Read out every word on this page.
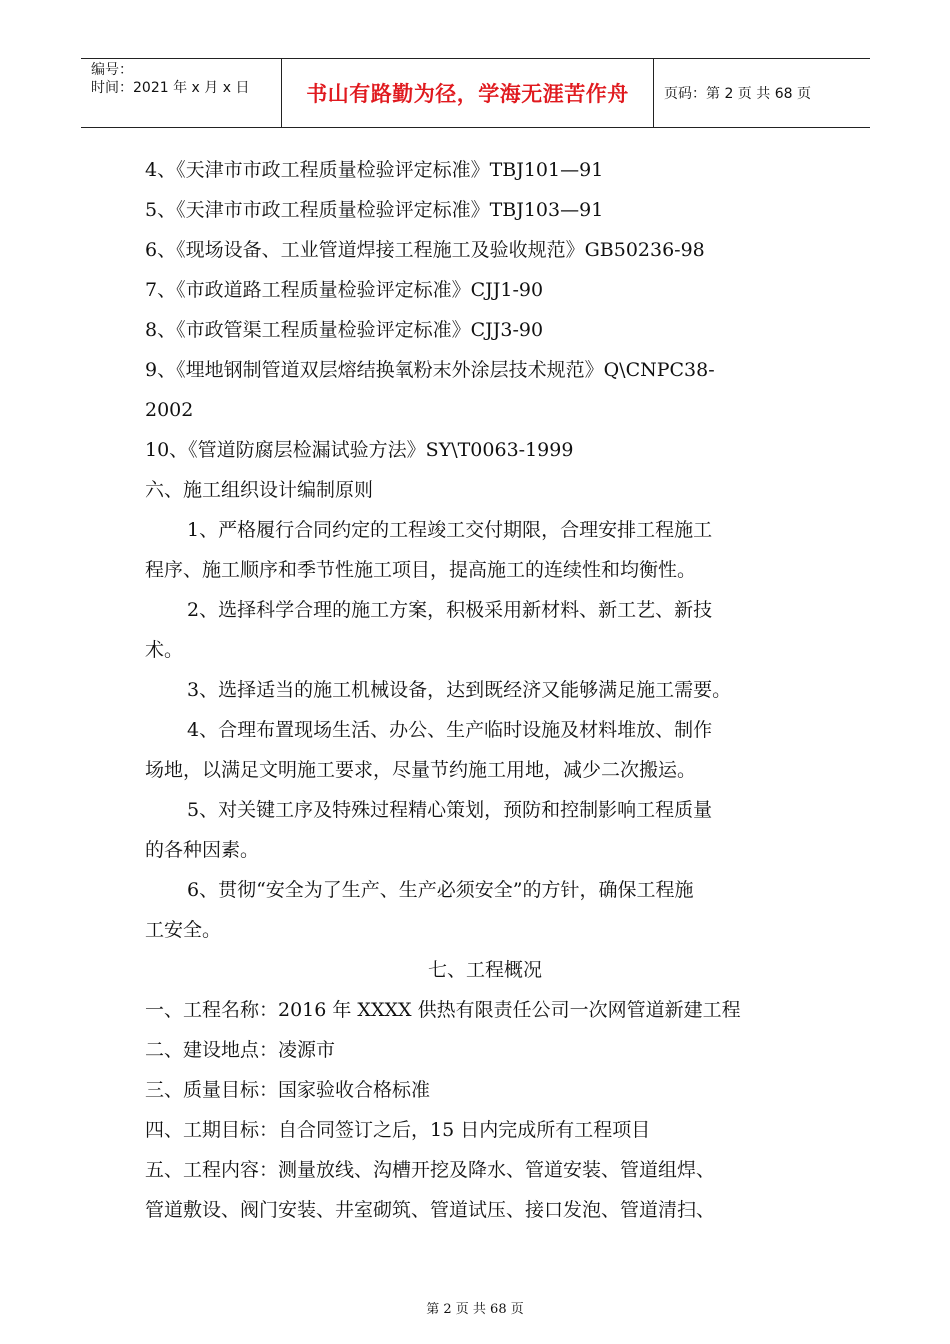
编号：
时间：2021 年 x 月 x 日	书山有路勤为径，学海无涯苦作舟	页码：第 2 页 共 68 页
4、《天津市市政工程质量检验评定标准》TBJ101—91
5、《天津市市政工程质量检验评定标准》TBJ103—91
6、《现场设备、工业管道焊接工程施工及验收规范》GB50236-98
7、《市政道路工程质量检验评定标准》CJJ1-90
8、《市政管渠工程质量检验评定标准》CJJ3-90
9、《埋地钢制管道双层熔结换氧粉末外涂层技术规范》Q\CNPC38-
2002
10、《管道防腐层检漏试验方法》SY\T0063-1999
六、施工组织设计编制原则
1、严格履行合同约定的工程竣工交付期限，合理安排工程施工
程序、施工顺序和季节性施工项目，提高施工的连续性和均衡性。
2、选择科学合理的施工方案，积极采用新材料、新工艺、新技
术。
3、选择适当的施工机械设备，达到既经济又能够满足施工需要。
4、合理布置现场生活、办公、生产临时设施及材料堆放、制作
场地，以满足文明施工要求，尽量节约施工用地，减少二次搬运。
5、对关键工序及特殊过程精心策划，预防和控制影响工程质量
的各种因素。
6、贯彻“安全为了生产、生产必须安全”的方针，确保工程施
工安全。
七、工程概况
一、工程名称：2016 年 XXXX 供热有限责任公司一次网管道新建工程
二、建设地点：凌源市
三、质量目标：国家验收合格标准
四、工期目标：自合同签订之后，15 日内完成所有工程项目
五、工程内容：测量放线、沟槽开挖及降水、管道安装、管道组焊、
管道敷设、阀门安装、井室砌筑、管道试压、接口发泡、管道清扫、
第 2 页 共 68 页
